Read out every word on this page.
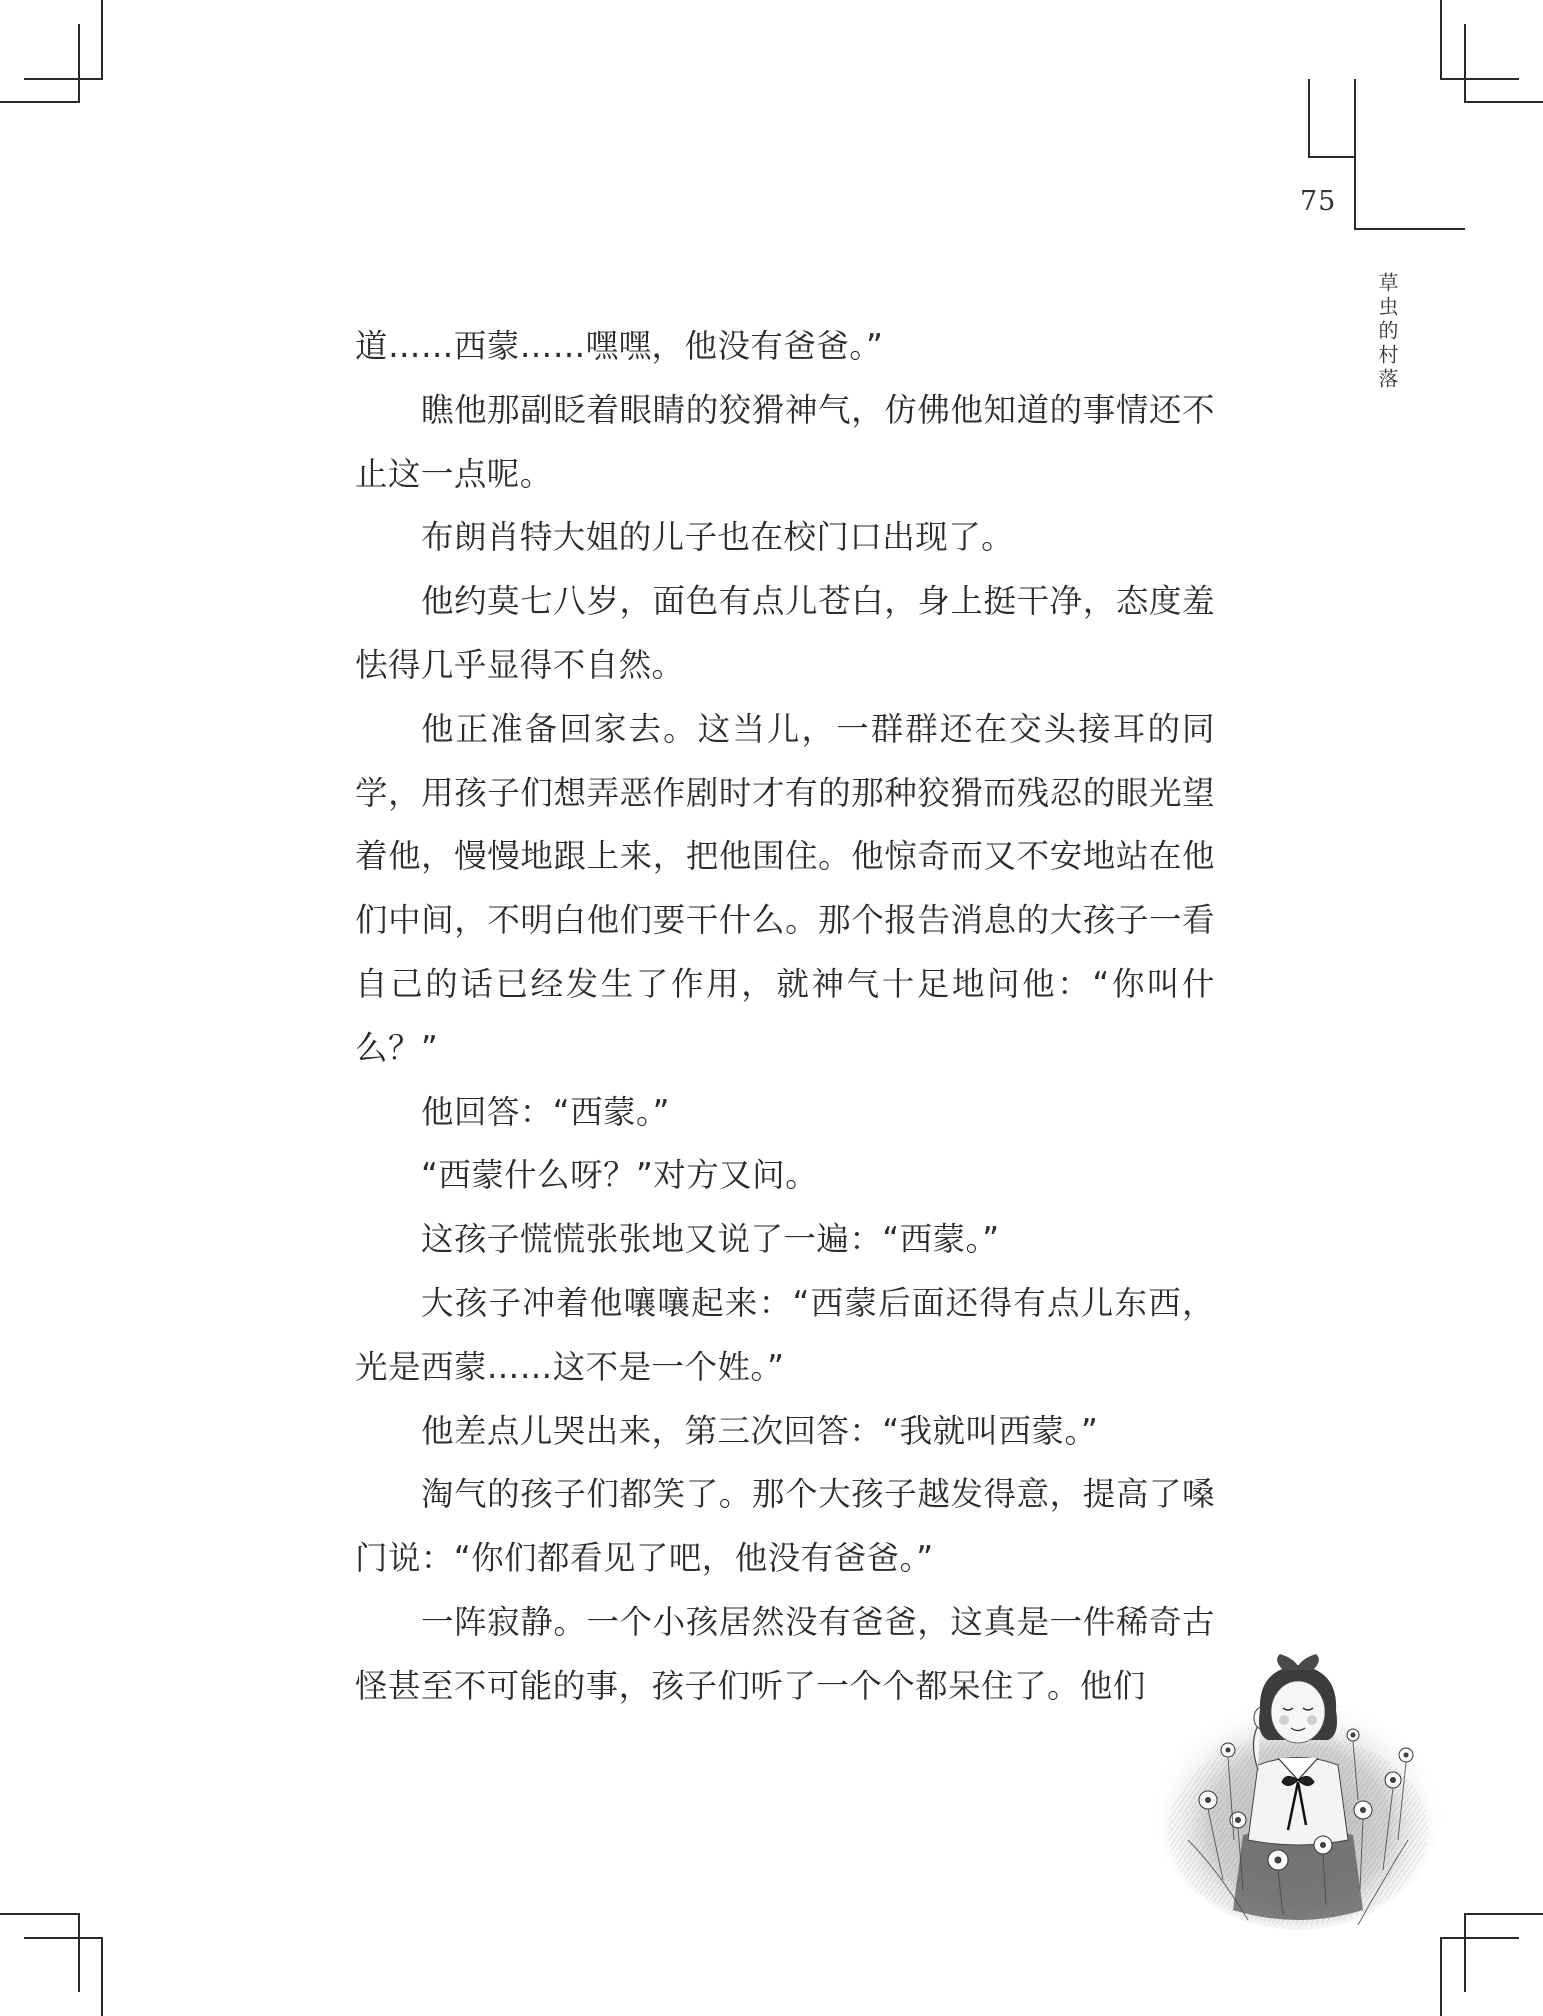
75
草虫的村落

道……西蒙……嘿嘿，他没有爸爸。”

瞧他那副眨着眼睛的狡猾神气，仿佛他知道的事情还不止这一点呢。

布朗肖特大姐的儿子也在校门口出现了。

他约莫七八岁，面色有点儿苍白，身上挺干净，态度羞怯得几乎显得不自然。

他正准备回家去。这当儿，一群群还在交头接耳的同学，用孩子们想弄恶作剧时才有的那种狡猾而残忍的眼光望着他，慢慢地跟上来，把他围住。他惊奇而又不安地站在他们中间，不明白他们要干什么。那个报告消息的大孩子一看自己的话已经发生了作用，就神气十足地问他：“你叫什么？”

他回答：“西蒙。”

“西蒙什么呀？”对方又问。

这孩子慌慌张张地又说了一遍：“西蒙。”

大孩子冲着他嚷嚷起来：“西蒙后面还得有点儿东西，光是西蒙……这不是一个姓。”

他差点儿哭出来，第三次回答：“我就叫西蒙。”

淘气的孩子们都笑了。那个大孩子越发得意，提高了嗓门说：“你们都看见了吧，他没有爸爸。”

一阵寂静。一个小孩居然没有爸爸，这真是一件稀奇古怪甚至不可能的事，孩子们听了一个个都呆住了。他们
